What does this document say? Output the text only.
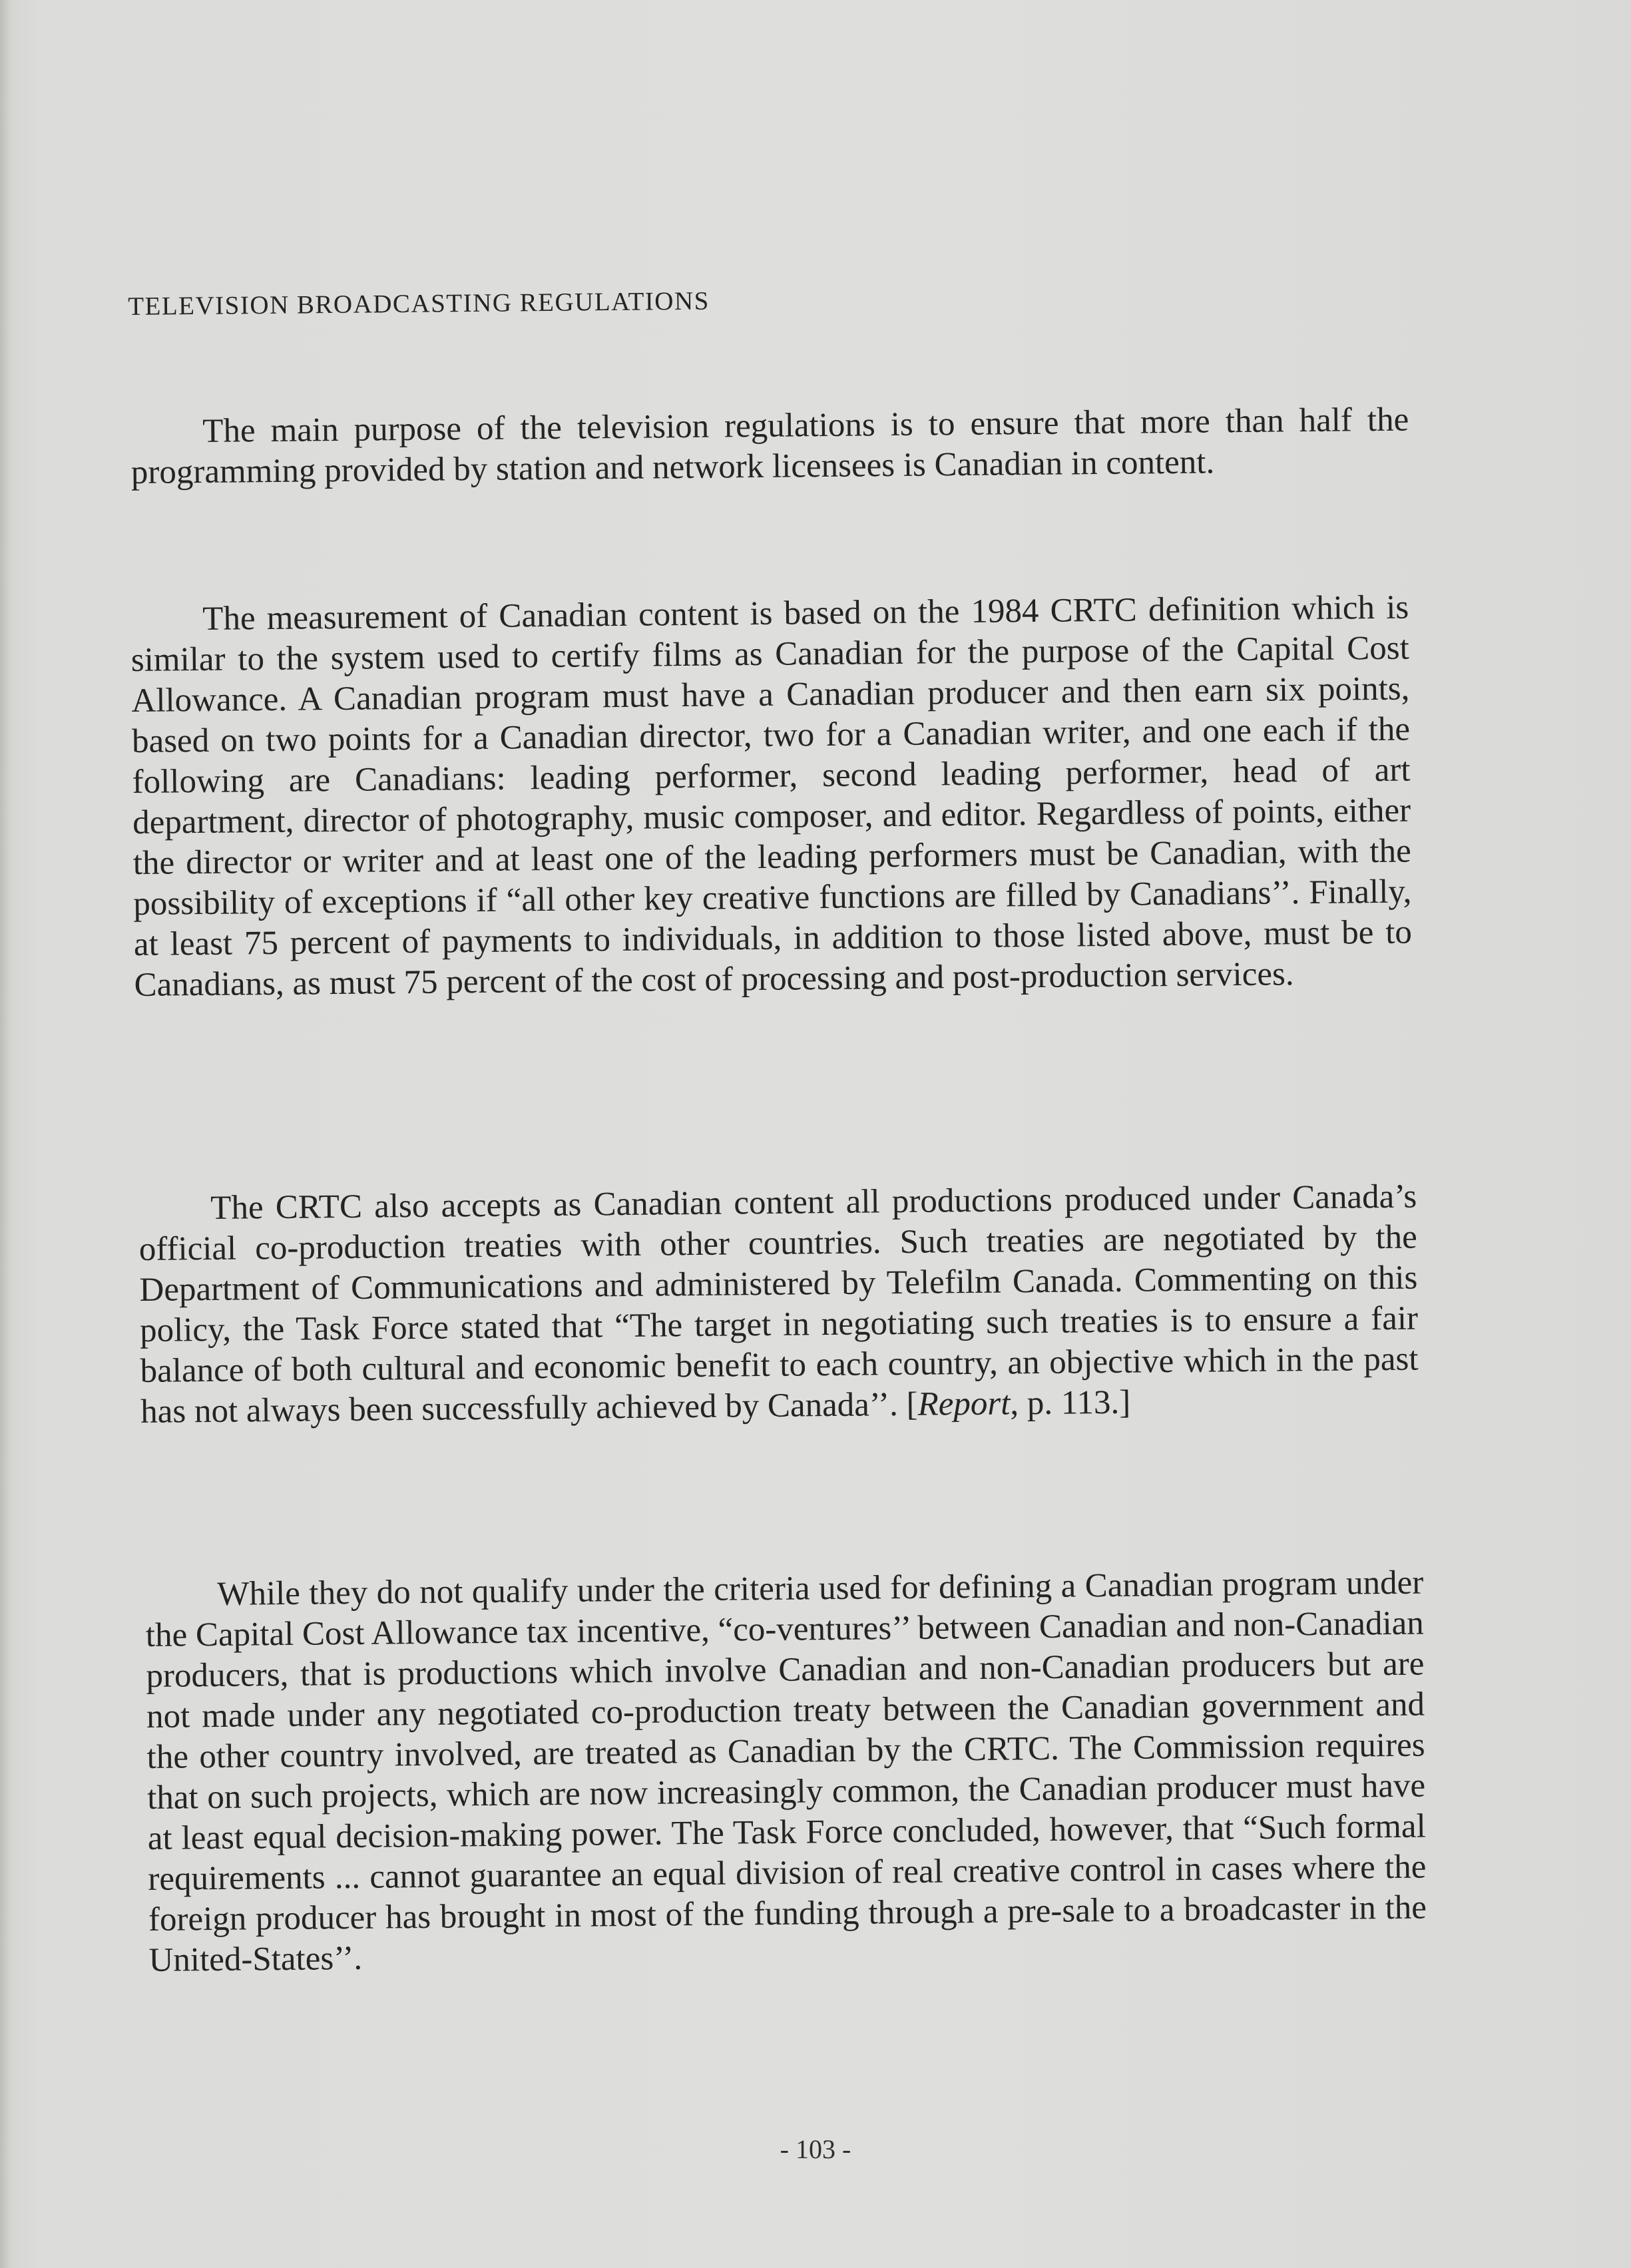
TELEVISION BROADCASTING REGULATIONS

The main purpose of the television regulations is to ensure that more than half the programming provided by station and network licensees is Canadian in content.

The measurement of Canadian content is based on the 1984 CRTC definition which is similar to the system used to certify films as Canadian for the purpose of the Capital Cost Allowance. A Canadian program must have a Canadian producer and then earn six points, based on two points for a Canadian director, two for a Canadian writer, and one each if the following are Canadians: leading performer, second leading performer, head of art department, director of photography, music composer, and editor. Regardless of points, either the director or writer and at least one of the leading performers must be Canadian, with the possibility of exceptions if “all other key creative functions are filled by Canadians’’. Finally, at least 75 percent of payments to individuals, in addition to those listed above, must be to Canadians, as must 75 percent of the cost of processing and post-production services.

The CRTC also accepts as Canadian content all productions produced under Canada’s official co-production treaties with other countries. Such treaties are negotiated by the Department of Communications and administered by Telefilm Canada. Commenting on this policy, the Task Force stated that “The target in negotiating such treaties is to ensure a fair balance of both cultural and economic benefit to each country, an objective which in the past has not always been successfully achieved by Canada’’. [Report, p. 113.]

While they do not qualify under the criteria used for defining a Canadian program under the Capital Cost Allowance tax incentive, “co-ventures’’ between Canadian and non-Canadian producers, that is productions which involve Canadian and non-Canadian producers but are not made under any negotiated co-production treaty between the Canadian government and the other country involved, are treated as Canadian by the CRTC. The Commission requires that on such projects, which are now increasingly common, the Canadian producer must have at least equal decision-making power. The Task Force concluded, however, that “Such formal requirements ... cannot guarantee an equal division of real creative control in cases where the foreign producer has brought in most of the funding through a pre-sale to a broadcaster in the United-States’’.

- 103 -
